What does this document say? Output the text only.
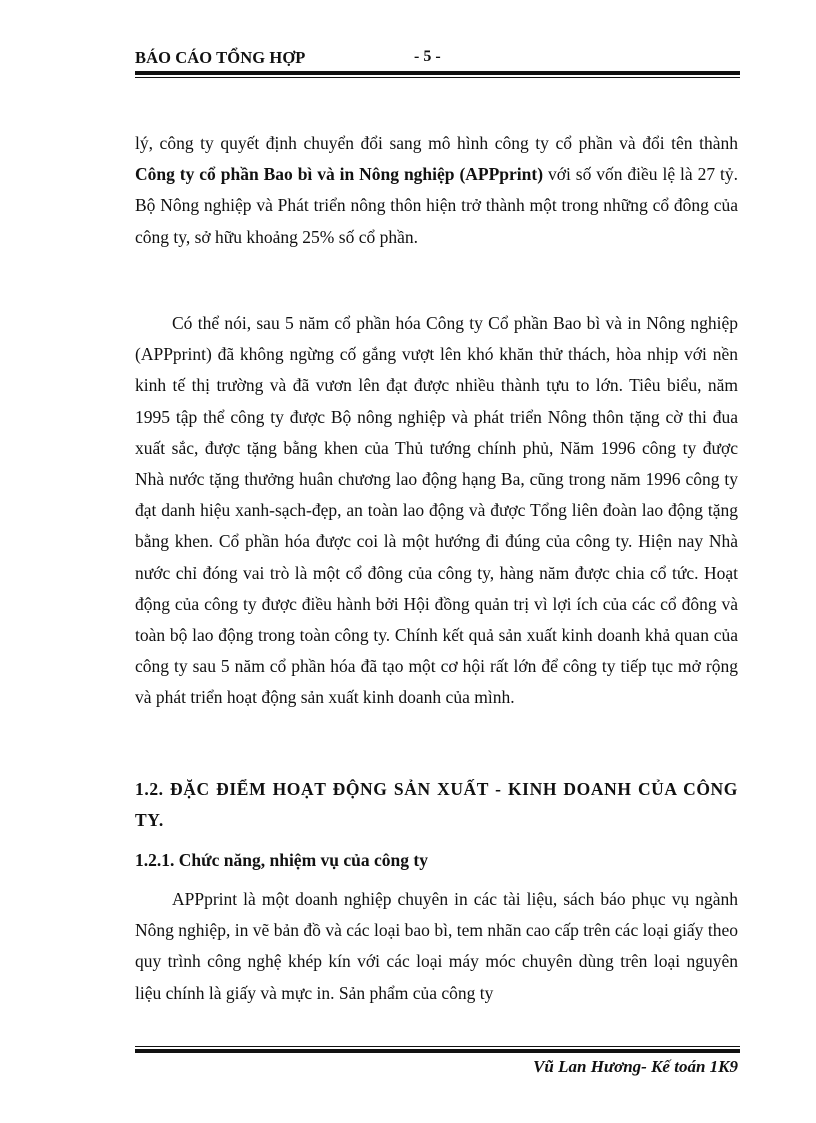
BÁO CÁO TỔNG HỢP	- 5 -
lý, công ty quyết định chuyển đổi sang mô hình công ty cổ phần và đổi tên thành Công ty cổ phần Bao bì và in Nông nghiệp (APPprint) với số vốn điều lệ là 27 tỷ. Bộ Nông nghiệp và Phát triển nông thôn hiện trở thành một trong những cổ đông của công ty, sở hữu khoảng 25% số cổ phần.
Có thể nói, sau 5 năm cổ phần hóa Công ty Cổ phần Bao bì và in Nông nghiệp (APPprint) đã không ngừng cố gắng vượt lên khó khăn thử thách, hòa nhịp với nền kinh tế thị trường và đã vươn lên đạt được nhiều thành tựu to lớn. Tiêu biểu, năm 1995 tập thể công ty được Bộ nông nghiệp và phát triển Nông thôn tặng cờ thi đua xuất sắc, được tặng bằng khen của Thủ tướng chính phủ, Năm 1996 công ty được Nhà nước tặng thưởng huân chương lao động hạng Ba, cũng trong năm 1996 công ty đạt danh hiệu xanh-sạch-đẹp, an toàn lao động và được Tổng liên đoàn lao động tặng bằng khen. Cổ phần hóa được coi là một hướng đi đúng của công ty. Hiện nay Nhà nước chỉ đóng vai trò là một cổ đông của công ty, hàng năm được chia cổ tức. Hoạt động của công ty được điều hành bởi Hội đồng quản trị vì lợi ích của các cổ đông và toàn bộ lao động trong toàn công ty. Chính kết quả sản xuất kinh doanh khả quan của công ty sau 5 năm cổ phần hóa đã tạo một cơ hội rất lớn để công ty tiếp tục mở rộng và phát triển hoạt động sản xuất kinh doanh của mình.
1.2. ĐẶC ĐIỂM HOẠT ĐỘNG SẢN XUẤT - KINH DOANH CỦA CÔNG TY.
1.2.1. Chức năng, nhiệm vụ của công ty
APPprint là một doanh nghiệp chuyên in các tài liệu, sách báo phục vụ ngành Nông nghiệp, in vẽ bản đồ và các loại bao bì, tem nhãn cao cấp trên các loại giấy theo quy trình công nghệ khép kín với các loại máy móc chuyên dùng trên loại nguyên liệu chính là giấy và mực in. Sản phẩm của công ty
Vũ Lan Hương- Kế toán 1K9
